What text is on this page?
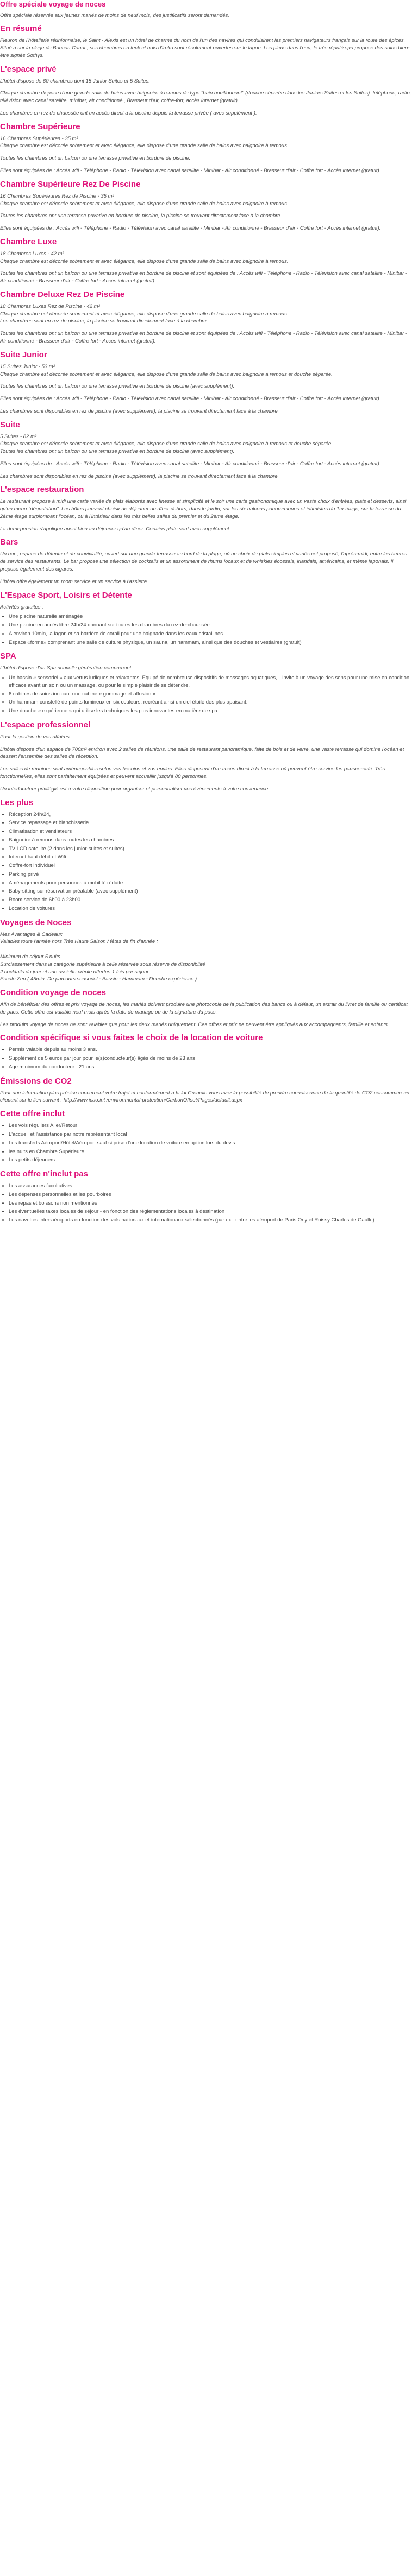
Offre spéciale voyage de noces

Offre spéciale réservée aux jeunes mariés de moins de neuf mois, des justificatifs seront demandés.

En résumé

Fleuron de l'hôtellerie réunionnaise, le Saint - Alexis est un hôtel de charme du nom de l'un des navires qui conduisirent les premiers navigateurs français sur la route des épices. Situé à sur la plage de Boucan Canot , ses chambres en teck et bois d'iroko sont résolument ouvertes sur le lagon. Les pieds dans l'eau, le très réputé spa propose des soins bien-être signés Sothys.

L'espace privé

L'hôtel dispose de 60 chambres dont 15 Junior Suites et 5 Suites.

Chaque chambre dispose d'une grande salle de bains avec baignoire à remous de type "bain bouillonnant" (douche séparée dans les Juniors Suites et les Suites). téléphone, radio, télévision avec canal satellite, minibar, air conditionné , Brasseur d'air, coffre-fort, accès internet (gratuit).

Les chambres en rez de chaussée ont un accès direct à la piscine depuis la terrasse privée ( avec supplément ).

Chambre Supérieure

16 Chambres Supérieures - 35 m²
Chaque chambre est décorée sobrement et avec élégance, elle dispose d'une grande salle de bains avec baignoire à remous.

Toutes les chambres ont un balcon ou une terrasse privative en bordure de piscine.

Elles sont équipées de : Accès wifi - Téléphone - Radio - Télévision avec canal satellite - Minibar - Air conditionné - Brasseur d'air - Coffre fort - Accès internet (gratuit).

Chambre Supérieure Rez De Piscine

16 Chambres Supérieures Rez de Piscine - 35 m²
Chaque chambre est décorée sobrement et avec élégance, elle dispose d'une grande salle de bains avec baignoire à remous.

Toutes les chambres ont une terrasse privative en bordure de piscine, la piscine se trouvant directement face à la chambre

Elles sont équipées de : Accès wifi - Téléphone - Radio - Télévision avec canal satellite - Minibar - Air conditionné - Brasseur d'air - Coffre fort - Accès internet (gratuit).

Chambre Luxe

18 Chambres Luxes - 42 m²
Chaque chambre est décorée sobrement et avec élégance, elle dispose d'une grande salle de bains avec baignoire à remous.

Toutes les chambres ont un balcon ou une terrasse privative en bordure de piscine et sont équipées de : Accès wifi - Téléphone - Radio - Télévision avec canal satellite - Minibar - Air conditionné - Brasseur d'air - Coffre fort - Accès internet (gratuit).

Chambre Deluxe Rez De Piscine

18 Chambres Luxes Rez de Piscine - 42 m²
Chaque chambre est décorée sobrement et avec élégance, elle dispose d'une grande salle de bains avec baignoire à remous.
Les chambres sont en rez de piscine, la piscine se trouvant directement face à la chambre.

Toutes les chambres ont un balcon ou une terrasse privative en bordure de piscine et sont équipées de : Accès wifi - Téléphone - Radio - Télévision avec canal satellite - Minibar - Air conditionné - Brasseur d'air - Coffre fort - Accès internet (gratuit).

Suite Junior

15 Suites Junior - 53 m²
Chaque chambre est décorée sobrement et avec élégance, elle dispose d'une grande salle de bains avec baignoire à remous et douche séparée.

Toutes les chambres ont un balcon ou une terrasse privative en bordure de piscine (avec supplément).

Elles sont équipées de : Accès wifi - Téléphone - Radio - Télévision avec canal satellite - Minibar - Air conditionné - Brasseur d'air - Coffre fort - Accès internet (gratuit).

Les chambres sont disponibles en rez de piscine (avec supplément), la piscine se trouvant directement face à la chambre

Suite

5 Suites - 82 m²
Chaque chambre est décorée sobrement et avec élégance, elle dispose d'une grande salle de bains avec baignoire à remous et douche séparée.
Toutes les chambres ont un balcon ou une terrasse privative en bordure de piscine (avec supplément).

Elles sont équipées de : Accès wifi - Téléphone - Radio - Télévision avec canal satellite - Minibar - Air conditionné - Brasseur d'air - Coffre fort - Accès internet (gratuit).

Les chambres sont disponibles en rez de piscine (avec supplément), la piscine se trouvant directement face à la chambre

L'espace restauration

Le restaurant propose à midi une carte variée de plats élaborés avec finesse et simplicité et le soir une carte gastronomique avec un vaste choix d'entrées, plats et desserts, ainsi qu'un menu "dégustation". Les hôtes peuvent choisir de déjeuner ou dîner dehors, dans le jardin, sur les six balcons panoramiques et intimistes du 1er étage, sur la terrasse du 2ème étage surplombant l'océan, ou à l'intérieur dans les très belles salles du premier et du 2ème étage.

La demi-pension s'applique aussi bien au déjeuner qu'au dîner. Certains plats sont avec supplément.

Bars

Un bar , espace de détente et de convivialité, ouvert sur une grande terrasse au bord de la plage, où un choix de plats simples et variés est proposé, l'après-midi, entre les heures de service des restaurants. Le bar propose une sélection de cocktails et un assortiment de rhums locaux et de whiskies écossais, irlandais, américains, et même japonais. Il propose également des cigares.

L'hôtel offre également un room service et un service à l'assiette.

L'Espace Sport, Loisirs et Détente

Activités gratuites :

• Une piscine naturelle aménagée
• Une piscine en accès libre 24h/24 donnant sur toutes les chambres du rez-de-chaussée
• A environ 10min, la lagon et sa barrière de corail pour une baignade dans les eaux cristallines
• Espace «forme» comprenant une salle de culture physique, un sauna, un hammam, ainsi que des douches et vestiaires (gratuit)
SPA

L'hôtel dispose d'un Spa nouvelle génération comprenant :

• Un bassin « sensoriel » aux vertus ludiques et relaxantes. Équipé de nombreuse dispositifs de massages aquatiques, il invite à un voyage des sens pour une mise en condition efficace avant un soin ou un massage, ou pour le simple plaisir de se détendre.
• 6 cabines de soins incluant une cabine « gommage et affusion ».
• Un hammam constellé de points lumineux en six couleurs, recréant ainsi un ciel étoilé des plus apaisant.
• Une douche « expérience » qui utilise les techniques les plus innovantes en matière de spa.
L'espace professionnel

Pour la gestion de vos affaires :

L'hôtel dispose d'un espace de 700m² environ avec 2 salles de réunions, une salle de restaurant panoramique, faite de bois et de verre, une vaste terrasse qui domine l'océan et dessert l'ensemble des salles de réception.

Les salles de réunions sont aménageables selon vos besoins et vos envies. Elles disposent d'un accès direct à la terrasse où peuvent être servies les pauses-café. Très fonctionnelles, elles sont parfaitement équipées et peuvent accueillir jusqu'à 80 personnes.

Un interlocuteur privilégié est à votre disposition pour organiser et personnaliser vos événements à votre convenance.

Les plus
• Réception 24h/24,
• Service repassage et blanchisserie
• Climatisation et ventilateurs
• Baignoire à remous dans toutes les chambres
• TV LCD satellite (2 dans les junior-suites et suites)
• Internet haut débit et Wifi
• Coffre-fort individuel
• Parking privé
• Aménagements pour personnes à mobilité réduite
• Baby-sitting sur réservation préalable (avec supplément)
• Room service de 6h00 à 23h00
• Location de voitures
Voyages de Noces

Mes Avantages & Cadeaux
Valables toute l'année hors Très Haute Saison / fêtes de fin d'année :

Minimum de séjour 5 nuits
Surclassement dans la catégorie supérieure à celle réservée sous réserve de disponibilité
2 cocktails du jour et une assiette créole offertes 1 fois par séjour.
Escale Zen ( 45min. De parcours sensoriel - Bassin - Hammam - Douche expérience )

Condition voyage de noces

Afin de bénéficier des offres et prix voyage de noces, les mariés doivent produire une photocopie de la publication des bancs ou à défaut, un extrait du livret de famille ou certificat de pacs. Cette offre est valable neuf mois après la date de mariage ou de la signature du pacs.

Les produits voyage de noces ne sont valables que pour les deux mariés uniquement. Ces offres et prix ne peuvent être appliqués aux accompagnants, famille et enfants.

Condition spécifique si vous faites le choix de la location de voiture
• Permis valable depuis au moins 3 ans.
• Supplément de 5 euros par jour pour le(s)conducteur(s) âgés de moins de 23 ans
• Age minimum du conducteur : 21 ans
Émissions de CO2

Pour une information plus précise concernant votre trajet et conformément à la loi Grenelle vous avez la possibilité de prendre connaissance de la quantité de CO2 consommée en cliquant sur le lien suivant : http://www.icao.int /environmental-protection/CarbonOffset/Pages/default.aspx

Cette offre inclut
• Les vols réguliers Aller/Retour
• L'accueil et l'assistance par notre représentant local
• Les transferts Aéroport/Hôtel/Aéroport sauf si prise d'une location de voiture en option lors du devis
• les nuits en Chambre Supérieure
• Les petits déjeuners
Cette offre n'inclut pas
• Les assurances facultatives
• Les dépenses personnelles et les pourboires
• Les repas et boissons non mentionnés
• Les éventuelles taxes locales de séjour - en fonction des réglementations locales à destination
• Les navettes inter-aéroports en fonction des vols nationaux et internationaux sélectionnés (par ex : entre les aéroport de Paris Orly et Roissy Charles de Gaulle)
